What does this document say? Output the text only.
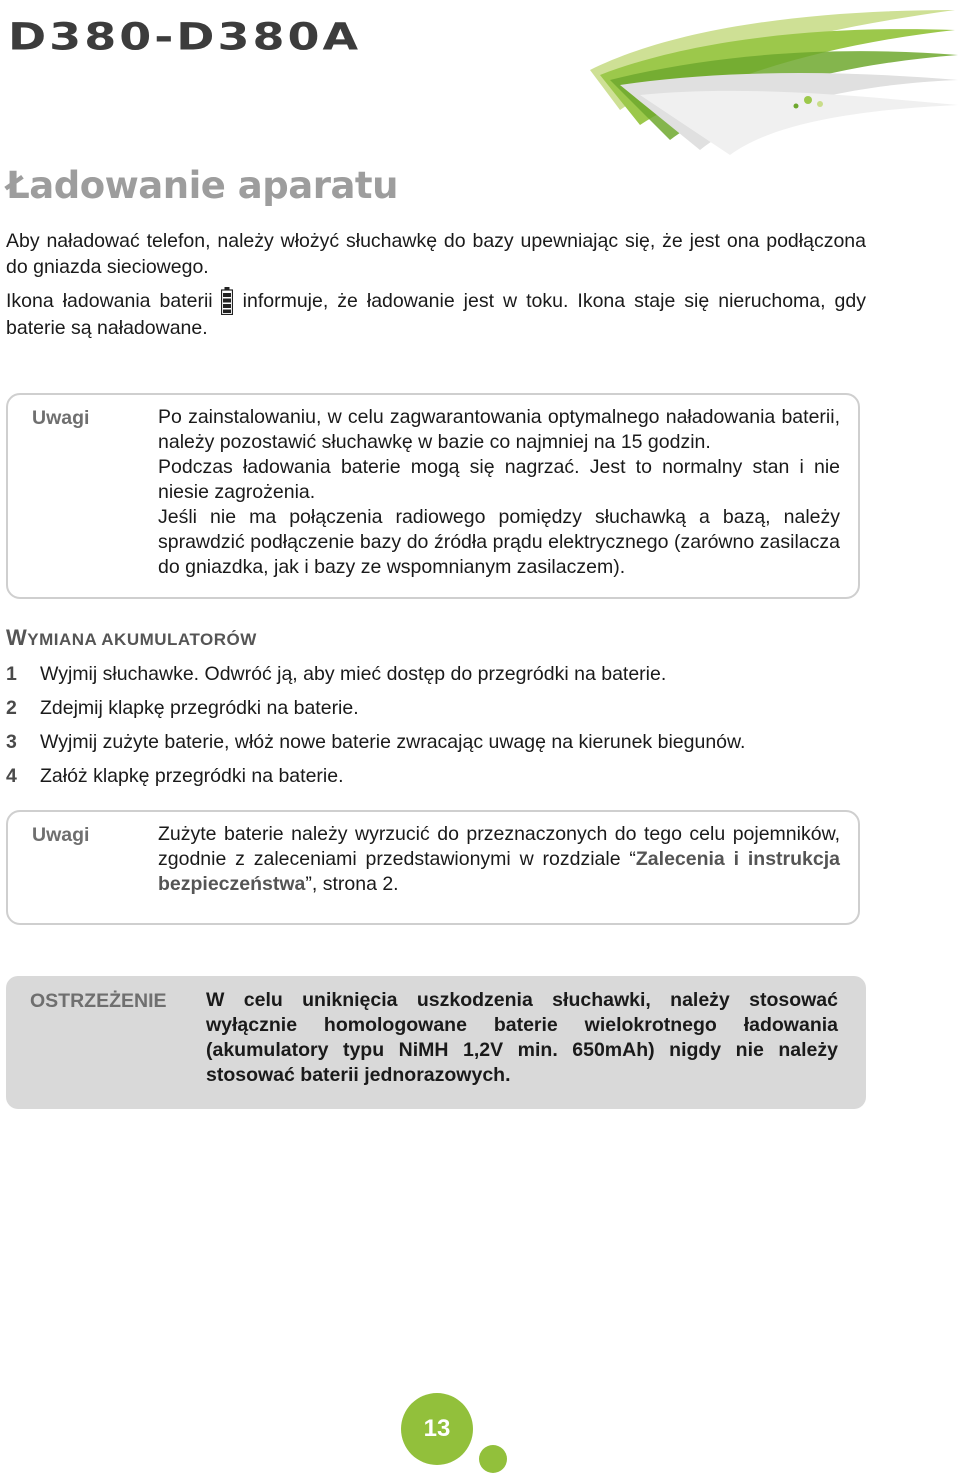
D380-D380A
Ładowanie aparatu

Aby naładować telefon, należy włożyć słuchawkę do bazy upewniając się, że jest ona podłączona do gniazda sieciowego.

Ikona ładowania baterii informuje, że ładowanie jest w toku. Ikona staje się nieruchoma, gdy baterie są naładowane.

Uwagi	Po zainstalowaniu, w celu zagwarantowania optymalnego naładowania baterii, należy pozostawić słuchawkę w bazie co najmniej na 15 godzin.

Podczas ładowania baterie mogą się nagrzać. Jest to normalny stan i nie niesie zagrożenia.

Jeśli nie ma połączenia radiowego pomiędzy słuchawką a bazą, należy sprawdzić podłączenie bazy do źródła prądu elektrycznego (zarówno zasilacza do gniazdka, jak i bazy ze wspomnianym zasilaczem).

WYMIANA AKUMULATORÓW
1 Wyjmij słuchawke. Odwróć ją, aby mieć dostęp do przegródki na baterie.
2 Zdejmij klapkę przegródki na baterie.
3 Wyjmij zużyte baterie, włóż nowe baterie zwracając uwagę na kierunek biegunów.
4 Załóż klapkę przegródki na baterie.
Uwagi	Zużyte baterie należy wyrzucić do przeznaczonych do tego celu pojemników, zgodnie z zaleceniami przedstawionymi w rozdziale “Zalecenia i instrukcja bezpieczeństwa”, strona 2.

OSTRZEŻENIE W celu uniknięcia uszkodzenia słuchawki, należy stosować wyłącznie homologowane baterie wielokrotnego ładowania (akumulatory typu NiMH 1,2V min. 650mAh) nigdy nie należy stosować baterii jednorazowych.

13
